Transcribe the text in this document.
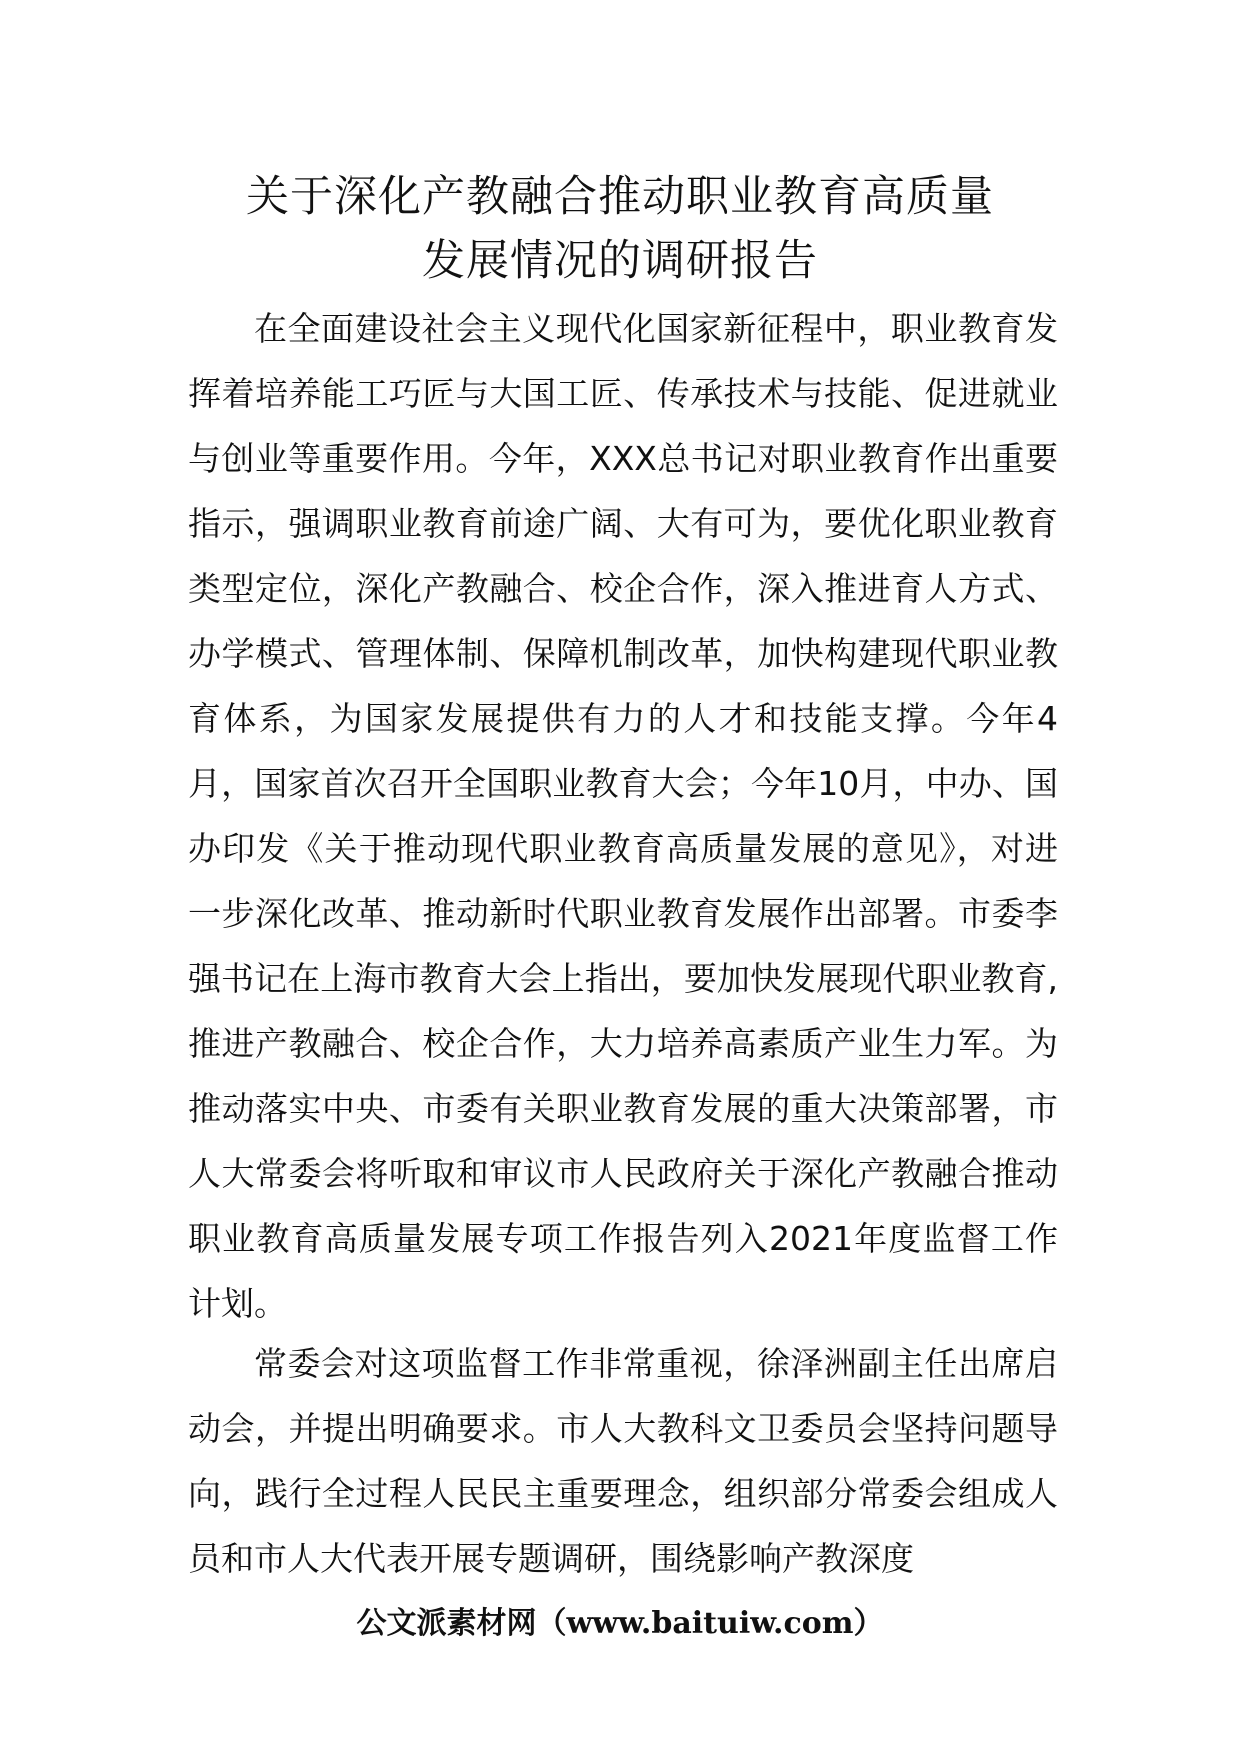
关于深化产教融合推动职业教育高质量
发展情况的调研报告

在全面建设社会主义现代化国家新征程中，职业教育发挥着培养能工巧匠与大国工匠、传承技术与技能、促进就业与创业等重要作用。今年，XXX总书记对职业教育作出重要指示，强调职业教育前途广阔、大有可为，要优化职业教育类型定位，深化产教融合、校企合作，深入推进育人方式、办学模式、管理体制、保障机制改革，加快构建现代职业教育体系，为国家发展提供有力的人才和技能支撑。今年4月，国家首次召开全国职业教育大会；今年10月，中办、国办印发《关于推动现代职业教育高质量发展的意见》，对进一步深化改革、推动新时代职业教育发展作出部署。市委李强书记在上海市教育大会上指出，要加快发展现代职业教育,推进产教融合、校企合作，大力培养高素质产业生力军。为推动落实中央、市委有关职业教育发展的重大决策部署，市人大常委会将听取和审议市人民政府关于深化产教融合推动职业教育高质量发展专项工作报告列入2021年度监督工作计划。

常委会对这项监督工作非常重视，徐泽洲副主任出席启动会，并提出明确要求。市人大教科文卫委员会坚持问题导向，践行全过程人民民主重要理念，组织部分常委会组成人员和市人大代表开展专题调研，围绕影响产教深度

公文派素材网（www.baituiw.com）
